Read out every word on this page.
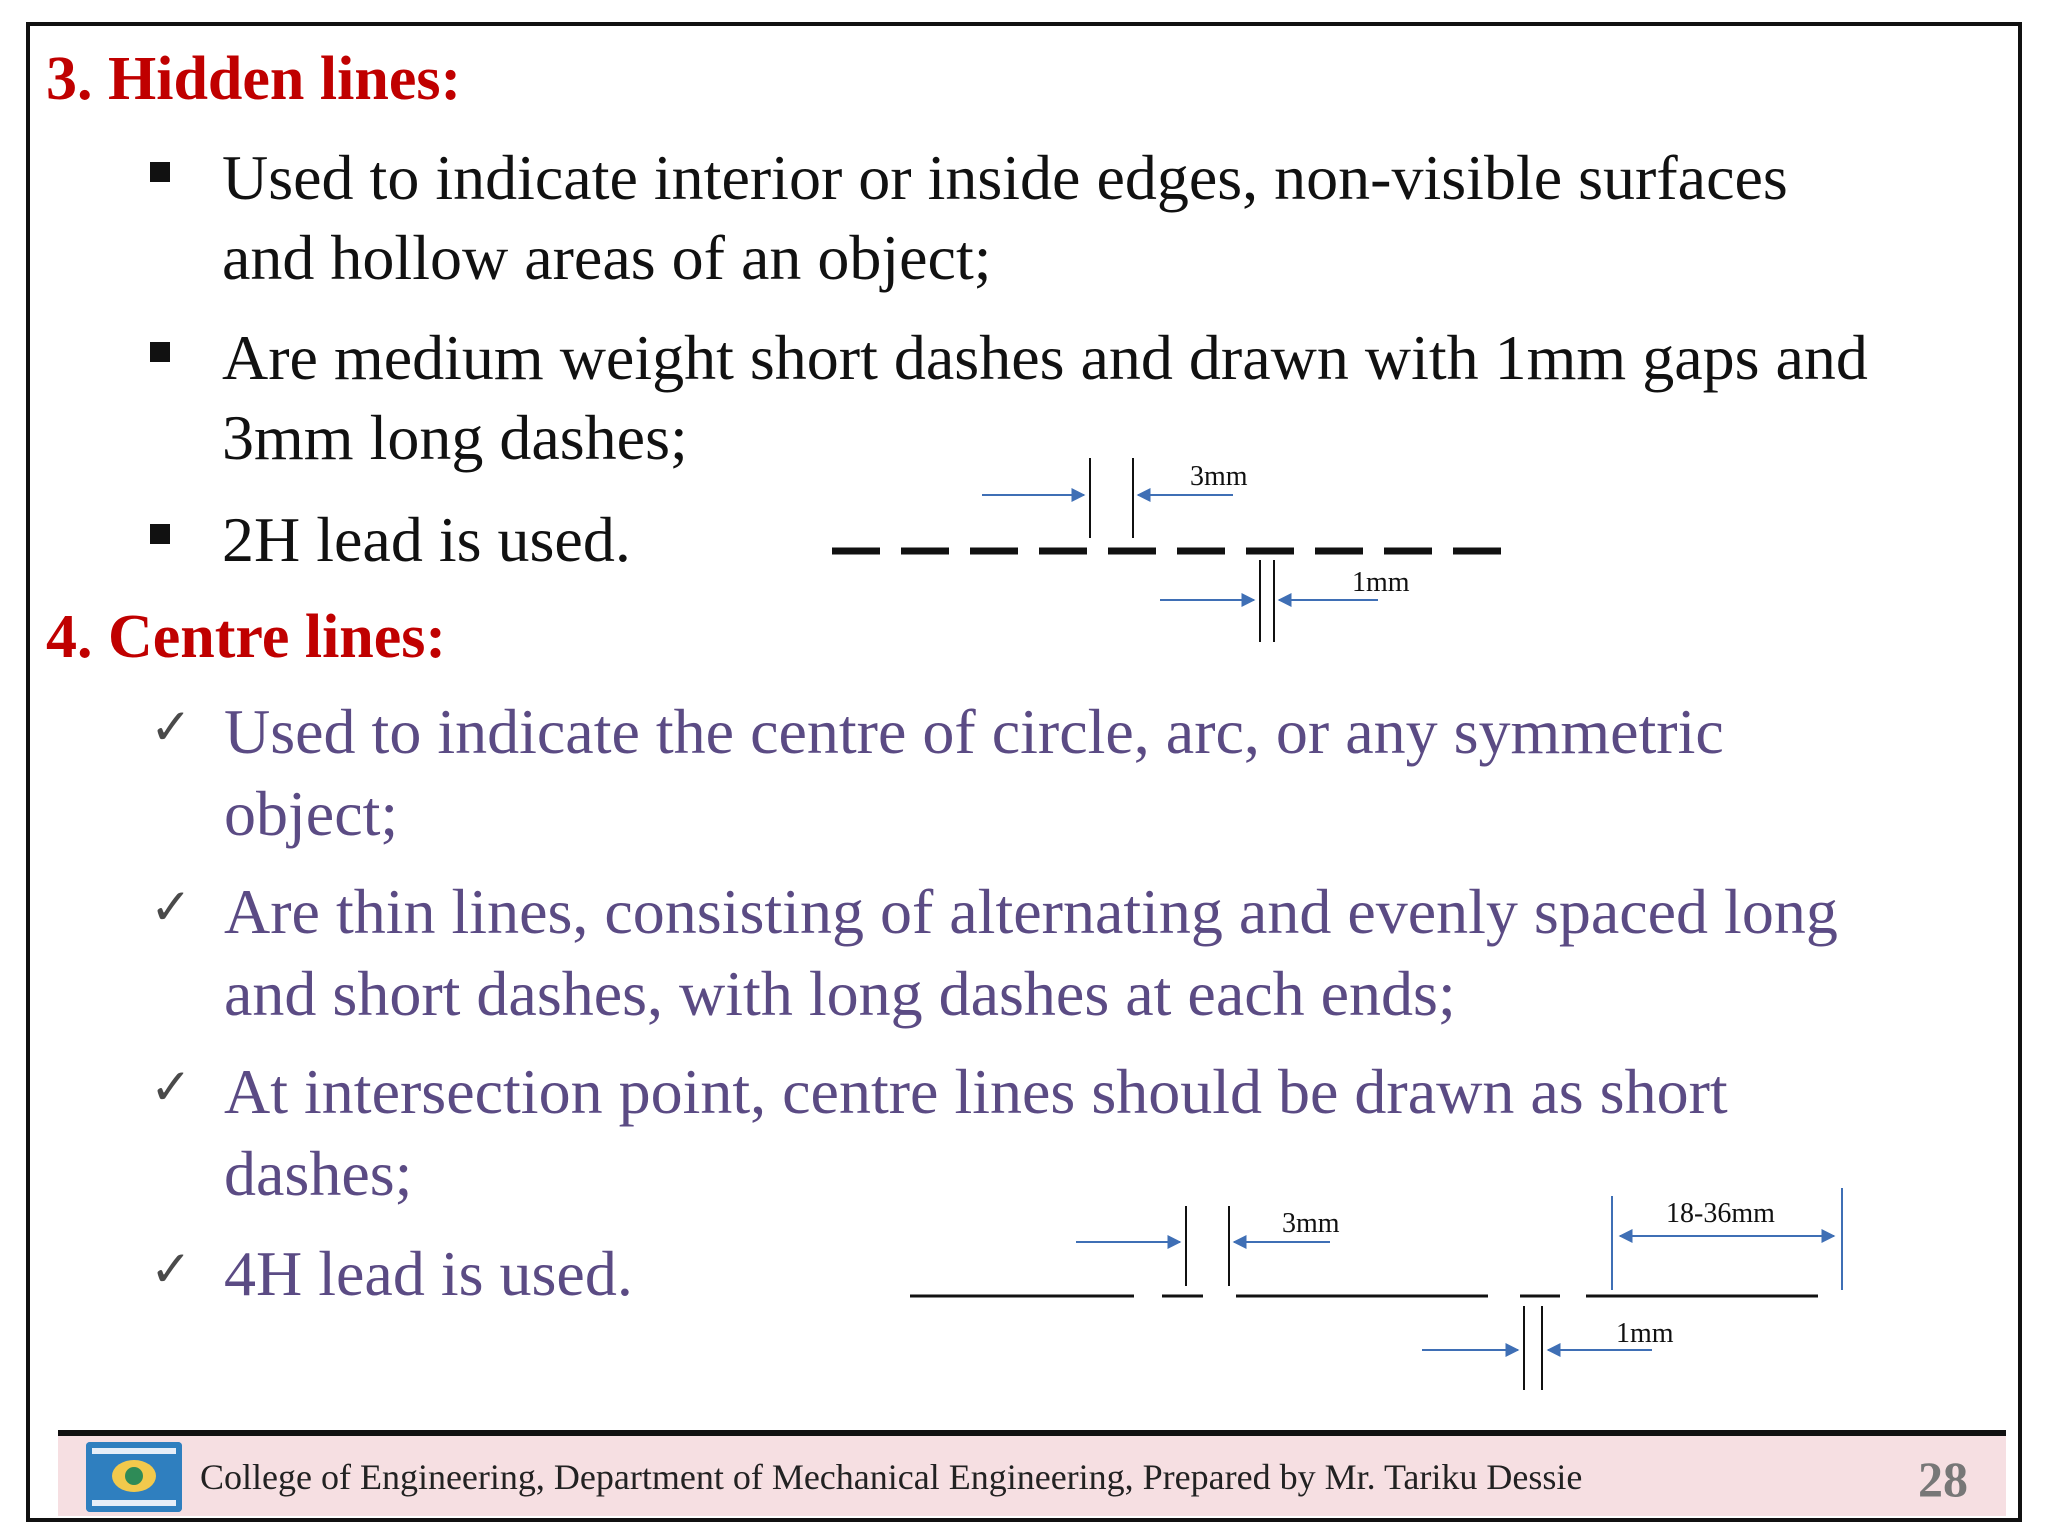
3. Hidden lines:
Used to indicate interior or inside edges, non-visible surfaces
and hollow areas of an object;
Are medium weight short dashes and drawn with 1mm gaps and
3mm long dashes;
2H lead is used.
4. Centre lines:
✓ Used to indicate the centre of circle, arc, or any symmetric
object;
✓ Are thin lines, consisting of alternating and evenly spaced long
and short dashes, with long dashes at each ends;
✓ At intersection point, centre lines should be drawn as short
dashes;
✓ 4H lead is used.
3mm
1mm
3mm	18-36mm
1mm
College of Engineering, Department of Mechanical Engineering, Prepared by Mr. Tariku Dessie	28
